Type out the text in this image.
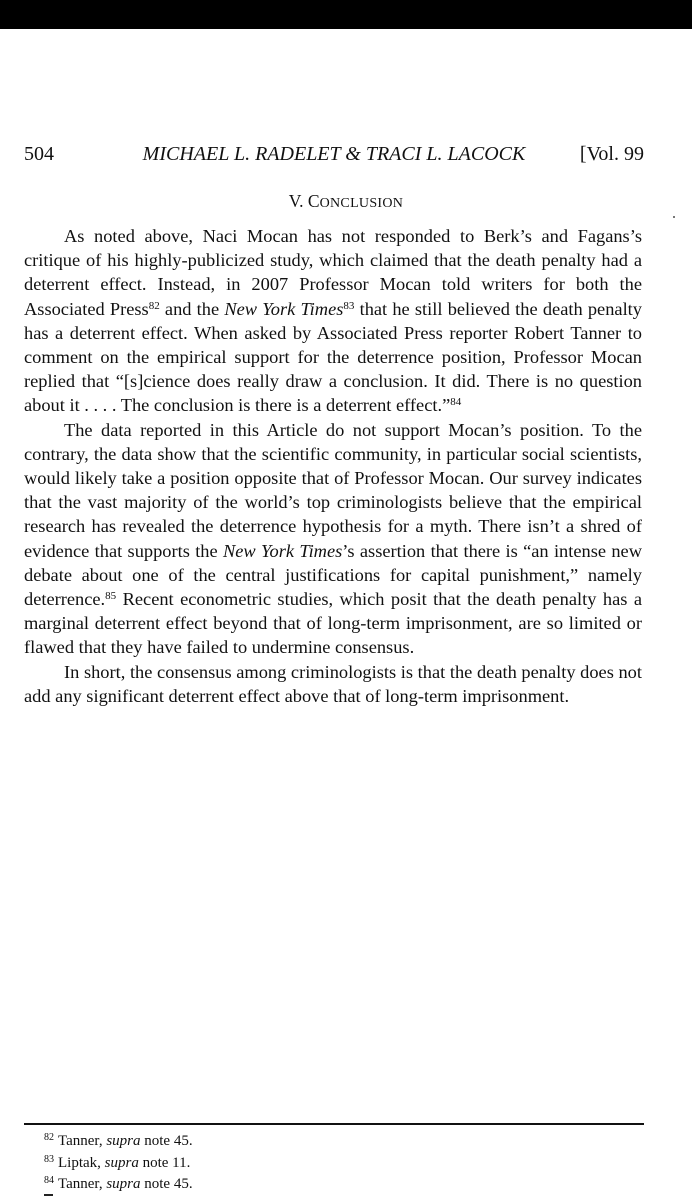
504	MICHAEL L. RADELET & TRACI L. LACOCK	[Vol. 99
V. CONCLUSION

As noted above, Naci Mocan has not responded to Berk’s and Fagans’s critique of his highly-publicized study, which claimed that the death penalty had a deterrent effect. Instead, in 2007 Professor Mocan told writers for both the Associated Press$^{82}$ and the New York Times$^{83}$ that he still believed the death penalty has a deterrent effect. When asked by Associated Press reporter Robert Tanner to comment on the empirical support for the deterrence position, Professor Mocan replied that “[s]cience does really draw a conclusion. It did. There is no question about it . . . . The conclusion is there is a deterrent effect.”$^{84}$

The data reported in this Article do not support Mocan’s position. To the contrary, the data show that the scientific community, in particular social scientists, would likely take a position opposite that of Professor Mocan. Our survey indicates that the vast majority of the world’s top criminologists believe that the empirical research has revealed the deterrence hypothesis for a myth. There isn’t a shred of evidence that supports the New York Times’s assertion that there is “an intense new debate about one of the central justifications for capital punishment,” namely deterrence.$^{85}$ Recent econometric studies, which posit that the death penalty has a marginal deterrent effect beyond that of long-term imprisonment, are so limited or flawed that they have failed to undermine consensus.

In short, the consensus among criminologists is that the death penalty does not add any significant deterrent effect above that of long-term imprisonment.

$^{82}$ Tanner, supra note 45.
$^{83}$ Liptak, supra note 11.
$^{84}$ Tanner, supra note 45.
